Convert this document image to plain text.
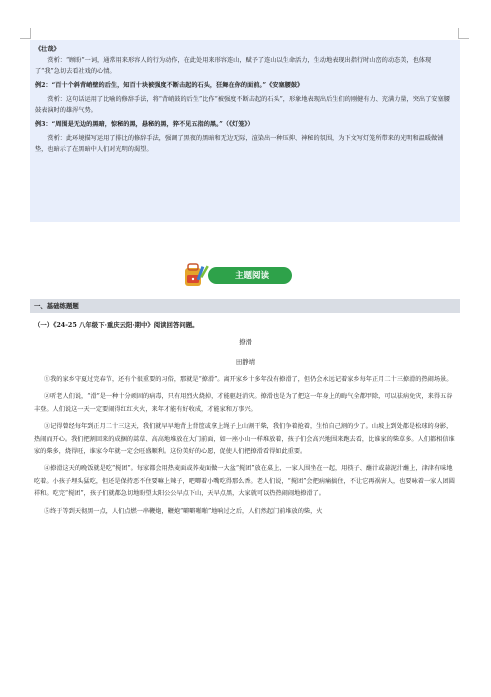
《壮哉》

赏析：“顾盼”一词，通常用来形容人的行为动作，在此处用来形容连山，赋予了连山以生命活力，生动地表现出指行时山峦的动态美，也体现了“我”急切去看社戏的心情。

例2：“百十个斜背峭壁的后生，知百十块被强度不断击起的石头，狂舞在你的面前。”《安塞腰鼓》

赏析：这句话运用了比喻的修辞手法，将“背峭鼓的后生”比作“被强度不断击起的石头”，形象地表现出后生们的刚健有力、充满力量，突出了安塞腰鼓表演时的雄浑气势。

例3：“周围是无边的黑暗，惊秘的黑，悬秘的黑，猝不见五指的黑。”（《灯笼》）

赏析：此环境描写运用了排比的修辞手法，强调了黑夜的黑暗和无边无际，渲染出一种压抑、神秘的氛围，为下文写灯笼所带来的光明和温暖做铺垫，也暗示了在黑暗中人们对光明的渴望。

主题阅读
一、基础练题题
（一）《24-25 八年级下·重庆云阳·期中》阅读回答问题。
撩滑
田静靖

①我的家乡守夏过完春节，还有个很重要的习俗，那就是“撩滑”。离开家乡十多年没有撩滑了，但仍会永远记着家乡每年正月二十三撩滑的热闹场景。

②听老人们说，“滑”是一种十分顽固的病毒，只有用烈火烧掉，才能驱赶消灾。撩滑也是为了把这一年身上的晦气全都甲除，可以祛病免灾，来得五谷丰登。人们说这一天一定要闹得红红火火，来年才能有好收成，才能家和万事兴。

③记得曾经每年到正月二十三这天，我们就早早地背上背筐或拿上绳子上山割干柴，我们争着抢着，生怕自己割的少了。山坡上到处都是松球的身影，热闹而开心。我们把割回来的成捆的蒿草、高高地堆放在大门前面，如一座小山一样堆放着，孩子们会高兴地围来跑去看，比谁家的柴草多。人们都相信谁家的柴多，烧得旺，谁家今年就一定会旺盛顺利。这份美好的心愿，促使人们把撩滑看得如此重要。

④撩滑这天的晚饭就是吃“搅团”。每家都会用热麦面或荞麦面做一大盆“搅团”放在桌上，一家人围坐在一起，用筷子、蘸汁或蒜泥汁蘸上，津津有味地吃着。小孩子埋头猛吃，但还是保持恶不住要嘛上辣子，吧唧着小嘴吃得那么香。老人们说，“搅团”会把病痛搞住，不让它再祸害人，也要咏着一家人团圆祥和。吃完“搅团”，孩子们就都急切地盼望太阳公公早点下山，天早点黑，大家就可以热热闹闹地撩滑了。

⑤终于等到天彻黑一点，人们点燃一串鞭炮，鞭炮“噼噼啪啪”地响过之后，人们然起门前堆放的柴，火
